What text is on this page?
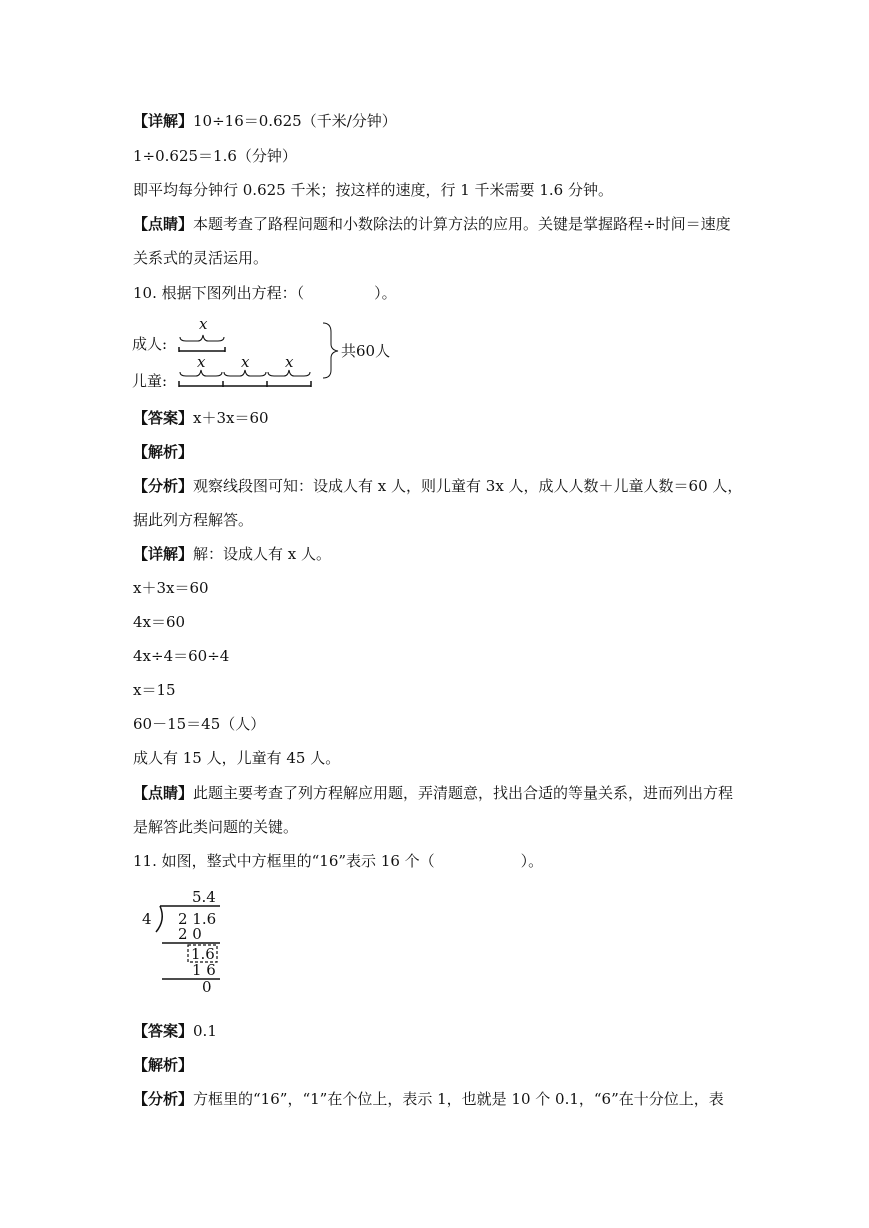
【详解】10÷16＝0.625（千米/分钟）
1÷0.625＝1.6（分钟）
即平均每分钟行 0.625 千米；按这样的速度，行 1 千米需要 1.6 分钟。
【点睛】本题考查了路程问题和小数除法的计算方法的应用。关键是掌握路程÷时间＝速度
关系式的灵活运用。
10. 根据下图列出方程：（	）。
成人:
x
儿童:
x x x
共60人
【答案】x＋3x＝60
【解析】
【分析】观察线段图可知：设成人有 x 人，则儿童有 3x 人，成人人数＋儿童人数＝60 人，
据此列方程解答。
【详解】解：设成人有 x 人。
x＋3x＝60
4x＝60
4x÷4＝60÷4
x＝15
60－15＝45（人）
成人有 15 人，儿童有 45 人。
【点睛】此题主要考查了列方程解应用题，弄清题意，找出合适的等量关系，进而列出方程
是解答此类问题的关键。
11. 如图，整式中方框里的“16”表示 16 个（	）。
5.4
4 2 1.6
2 0
1.6
1 6
0
【答案】0.1
【解析】
【分析】方框里的“16”，“1”在个位上，表示 1，也就是 10 个 0.1，“6”在十分位上，表
